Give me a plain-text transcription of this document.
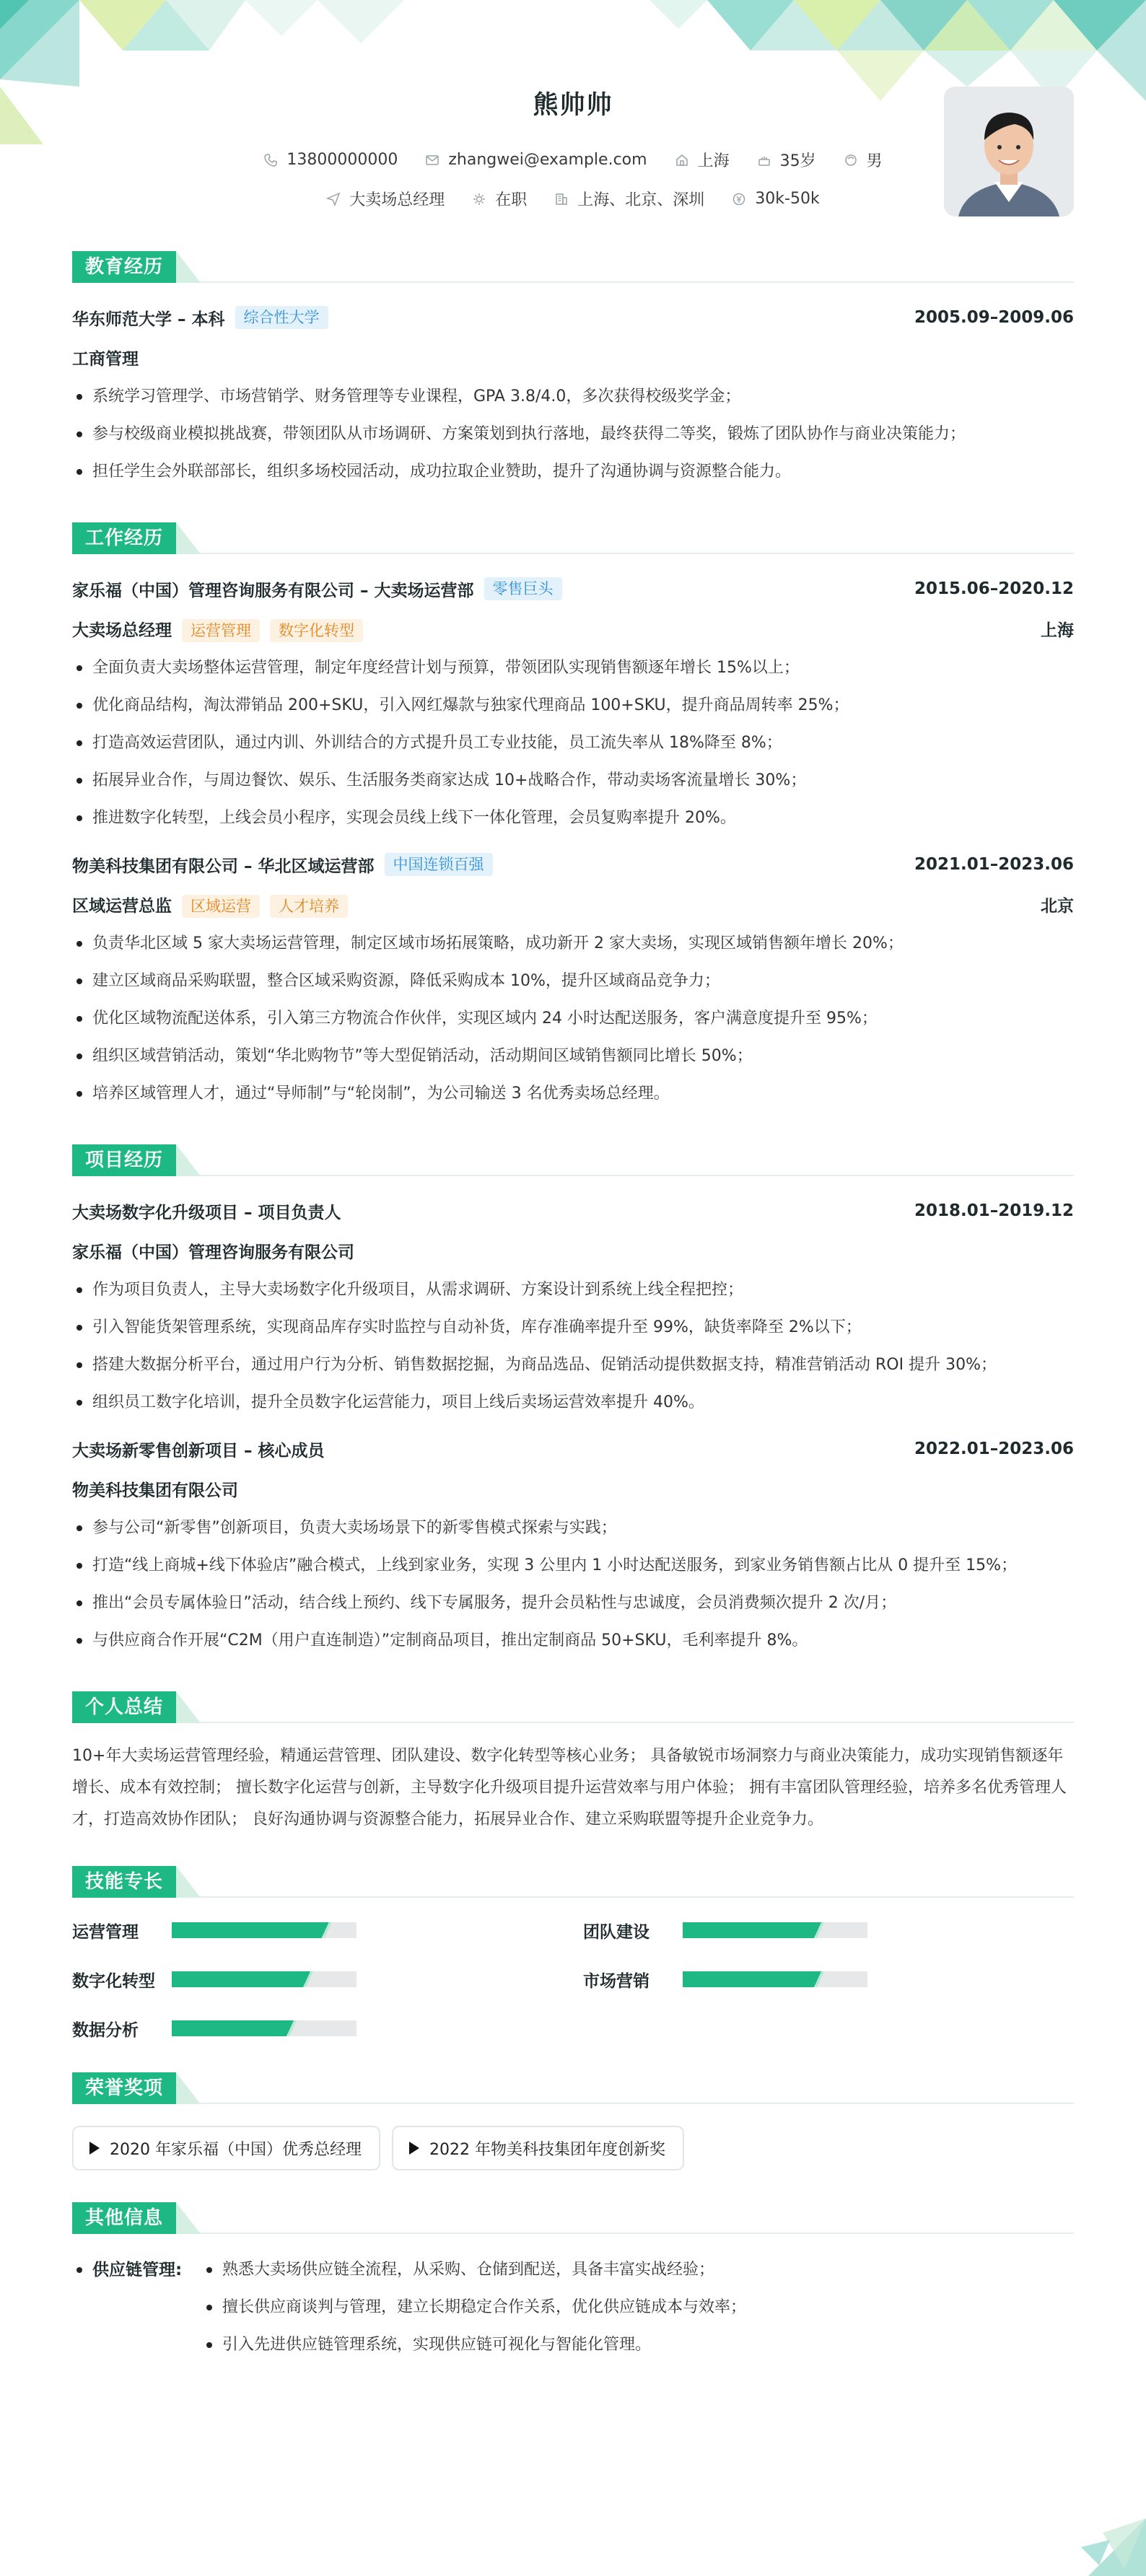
熊帅帅
13800000000	zhangwei@example.com	上海	35岁	男
大卖场总经理	在职	上海、北京、深圳	30k-50k
教育经历
华东师范大学 – 本科	综合性大学	2005.09–2009.06
工商管理
系统学习管理学、市场营销学、财务管理等专业课程，GPA 3.8/4.0，多次获得校级奖学金；
参与校级商业模拟挑战赛，带领团队从市场调研、方案策划到执行落地，最终获得二等奖，锻炼了团队协作与商业决策能力；
担任学生会外联部部长，组织多场校园活动，成功拉取企业赞助，提升了沟通协调与资源整合能力。
工作经历
家乐福（中国）管理咨询服务有限公司 – 大卖场运营部	零售巨头	2015.06–2020.12
大卖场总经理	运营管理	数字化转型	上海
全面负责大卖场整体运营管理，制定年度经营计划与预算，带领团队实现销售额逐年增长 15%以上；
优化商品结构，淘汰滞销品 200+SKU，引入网红爆款与独家代理商品 100+SKU，提升商品周转率 25%；
打造高效运营团队，通过内训、外训结合的方式提升员工专业技能，员工流失率从 18%降至 8%；
拓展异业合作，与周边餐饮、娱乐、生活服务类商家达成 10+战略合作，带动卖场客流量增长 30%；
推进数字化转型，上线会员小程序，实现会员线上线下一体化管理，会员复购率提升 20%。
物美科技集团有限公司 – 华北区域运营部	中国连锁百强	2021.01–2023.06
区域运营总监	区域运营	人才培养	北京
负责华北区域 5 家大卖场运营管理，制定区域市场拓展策略，成功新开 2 家大卖场，实现区域销售额年增长 20%；
建立区域商品采购联盟，整合区域采购资源，降低采购成本 10%，提升区域商品竞争力；
优化区域物流配送体系，引入第三方物流合作伙伴，实现区域内 24 小时达配送服务，客户满意度提升至 95%；
组织区域营销活动，策划“华北购物节”等大型促销活动，活动期间区域销售额同比增长 50%；
培养区域管理人才，通过“导师制”与“轮岗制”，为公司输送 3 名优秀卖场总经理。
项目经历
大卖场数字化升级项目 – 项目负责人	2018.01–2019.12
家乐福（中国）管理咨询服务有限公司
作为项目负责人，主导大卖场数字化升级项目，从需求调研、方案设计到系统上线全程把控；
引入智能货架管理系统，实现商品库存实时监控与自动补货，库存准确率提升至 99%，缺货率降至 2%以下；
搭建大数据分析平台，通过用户行为分析、销售数据挖掘，为商品选品、促销活动提供数据支持，精准营销活动 ROI 提升 30%；
组织员工数字化培训，提升全员数字化运营能力，项目上线后卖场运营效率提升 40%。
大卖场新零售创新项目 – 核心成员	2022.01–2023.06
物美科技集团有限公司
参与公司“新零售”创新项目，负责大卖场场景下的新零售模式探索与实践；
打造“线上商城+线下体验店”融合模式，上线到家业务，实现 3 公里内 1 小时达配送服务，到家业务销售额占比从 0 提升至 15%；
推出“会员专属体验日”活动，结合线上预约、线下专属服务，提升会员粘性与忠诚度，会员消费频次提升 2 次/月；
与供应商合作开展“C2M（用户直连制造）”定制商品项目，推出定制商品 50+SKU，毛利率提升 8%。
个人总结
10+年大卖场运营管理经验，精通运营管理、团队建设、数字化转型等核心业务； 具备敏锐市场洞察力与商业决策能力，成功实现销售额逐年增长、成本有效控制； 擅长数字化运营与创新，主导数字化升级项目提升运营效率与用户体验； 拥有丰富团队管理经验，培养多名优秀管理人才，打造高效协作团队； 良好沟通协调与资源整合能力，拓展异业合作、建立采购联盟等提升企业竞争力。
技能专长
运营管理	团队建设
数字化转型	市场营销
数据分析
荣誉奖项
2020 年家乐福（中国）优秀总经理	2022 年物美科技集团年度创新奖
其他信息
供应链管理:	熟悉大卖场供应链全流程，从采购、仓储到配送，具备丰富实战经验；
擅长供应商谈判与管理，建立长期稳定合作关系，优化供应链成本与效率；
引入先进供应链管理系统，实现供应链可视化与智能化管理。
